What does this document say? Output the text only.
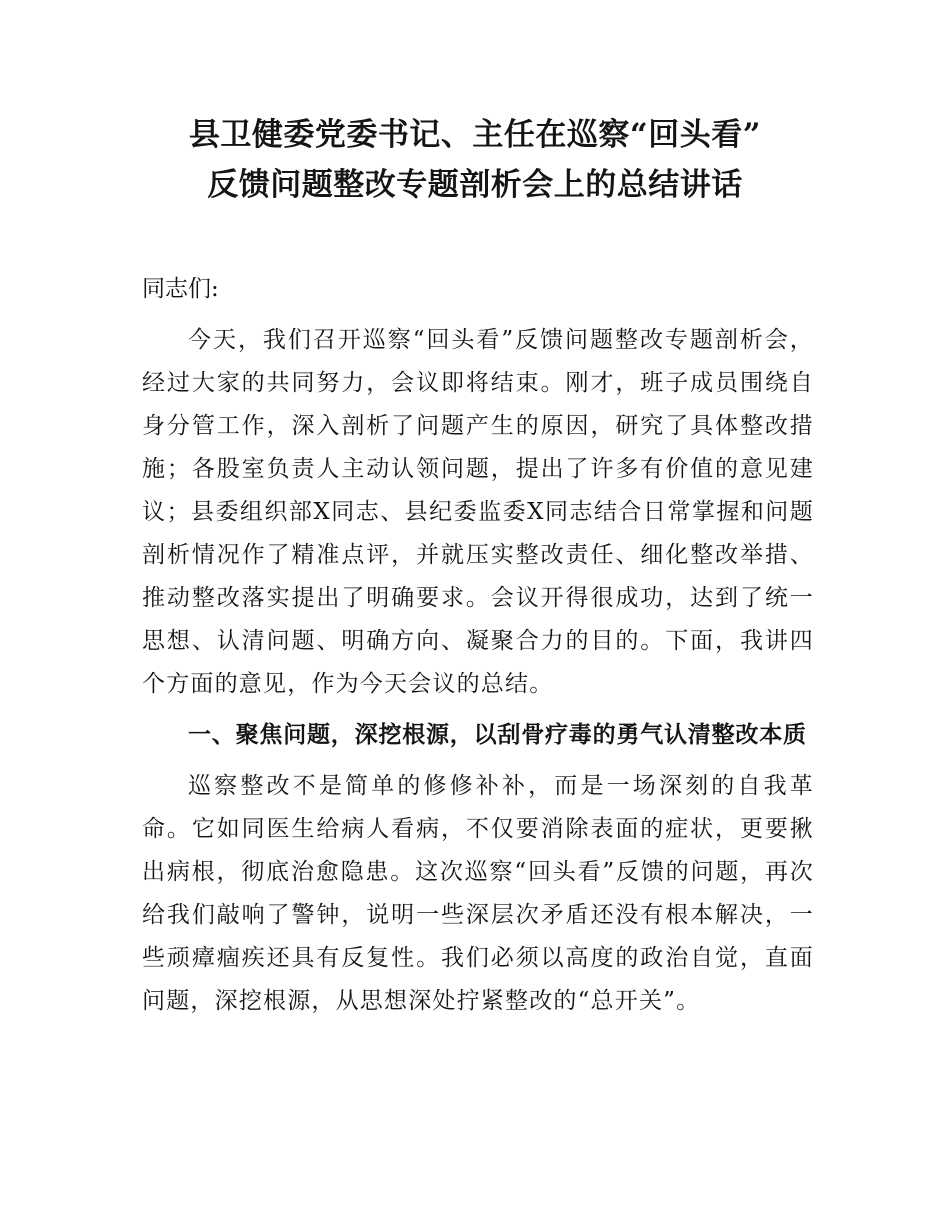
县卫健委党委书记、主任在巡察“回头看”
反馈问题整改专题剖析会上的总结讲话

同志们:

今天，我们召开巡察“回头看”反馈问题整改专题剖析会，经过大家的共同努力，会议即将结束。刚才，班子成员围绕自身分管工作，深入剖析了问题产生的原因，研究了具体整改措施；各股室负责人主动认领问题，提出了许多有价值的意见建议；县委组织部X同志、县纪委监委X同志结合日常掌握和问题剖析情况作了精准点评，并就压实整改责任、细化整改举措、推动整改落实提出了明确要求。会议开得很成功，达到了统一思想、认清问题、明确方向、凝聚合力的目的。下面，我讲四个方面的意见，作为今天会议的总结。

一、聚焦问题，深挖根源，以刮骨疗毒的勇气认清整改本质

巡察整改不是简单的修修补补，而是一场深刻的自我革命。它如同医生给病人看病，不仅要消除表面的症状，更要揪出病根，彻底治愈隐患。这次巡察“回头看”反馈的问题，再次给我们敲响了警钟，说明一些深层次矛盾还没有根本解决，一些顽瘴痼疾还具有反复性。我们必须以高度的政治自觉，直面问题，深挖根源，从思想深处拧紧整改的“总开关”。
